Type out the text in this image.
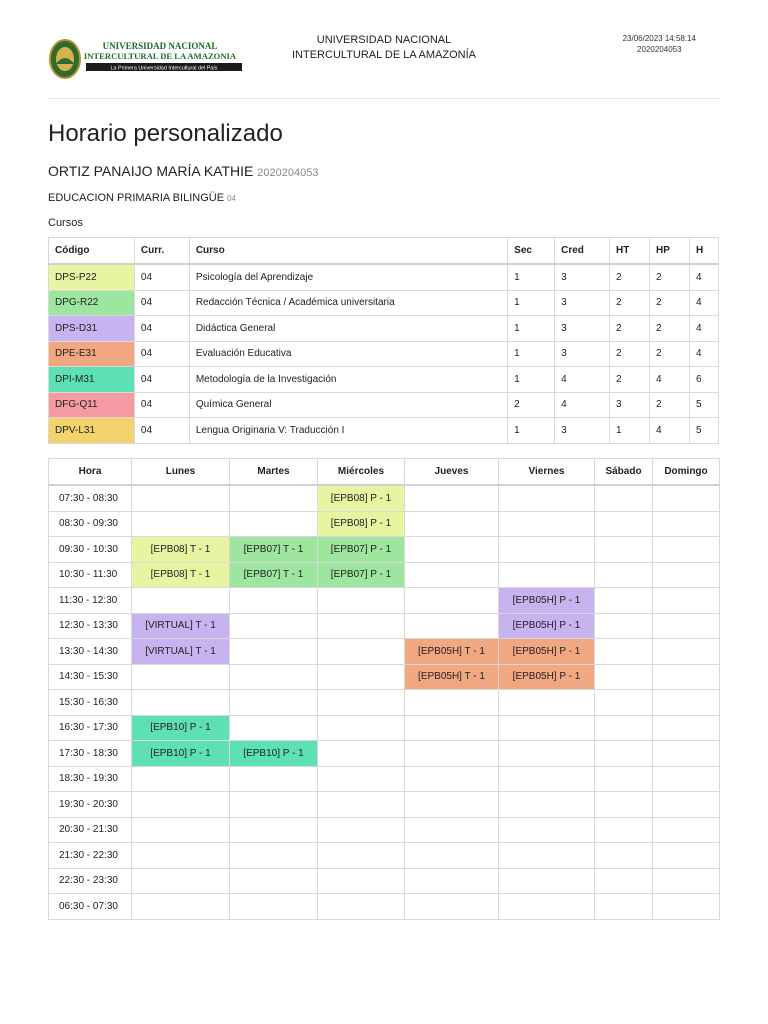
UNIVERSIDAD NACIONAL
INTERCULTURAL DE LA AMAZONIA
La Primera Universidad Intercultural del País
UNIVERSIDAD NACIONAL
INTERCULTURAL DE LA AMAZONÍA
23/06/2023 14:58:14
2020204053
Horario personalizado
ORTIZ PANAIJO MARÍA KATHIE 2020204053
EDUCACION PRIMARIA BILINGÜE 04
Cursos
Código	Curr.	Curso	Sec	Cred	HT	HP	H
DPS-P22	04	Psicología del Aprendizaje	1	3	2	2	4
DPG-R22	04	Redacción Técnica / Académica universitaria	1	3	2	2	4
DPS-D31	04	Didáctica General	1	3	2	2	4
DPE-E31	04	Evaluación Educativa	1	3	2	2	4
DPI-M31	04	Metodología de la Investigación	1	4	2	4	6
DFG-Q11	04	Química General	2	4	3	2	5
DPV-L31	04	Lengua Originaria V: Traducción I	1	3	1	4	5
Hora	Lunes	Martes	Miércoles	Jueves	Viernes	Sábado	Domingo
07:30 - 08:30			[EPB08] P - 1				
08:30 - 09:30			[EPB08] P - 1				
09:30 - 10:30	[EPB08] T - 1	[EPB07] T - 1	[EPB07] P - 1				
10:30 - 11:30	[EPB08] T - 1	[EPB07] T - 1	[EPB07] P - 1				
11:30 - 12:30					[EPB05H] P - 1		
12:30 - 13:30	[VIRTUAL] T - 1				[EPB05H] P - 1		
13:30 - 14:30	[VIRTUAL] T - 1			[EPB05H] T - 1	[EPB05H] P - 1		
14:30 - 15:30				[EPB05H] T - 1	[EPB05H] P - 1		
15:30 - 16:30							
16:30 - 17:30	[EPB10] P - 1						
17:30 - 18:30	[EPB10] P - 1	[EPB10] P - 1					
18:30 - 19:30							
19:30 - 20:30							
20:30 - 21:30							
21:30 - 22:30							
22:30 - 23:30							
06:30 - 07:30							
